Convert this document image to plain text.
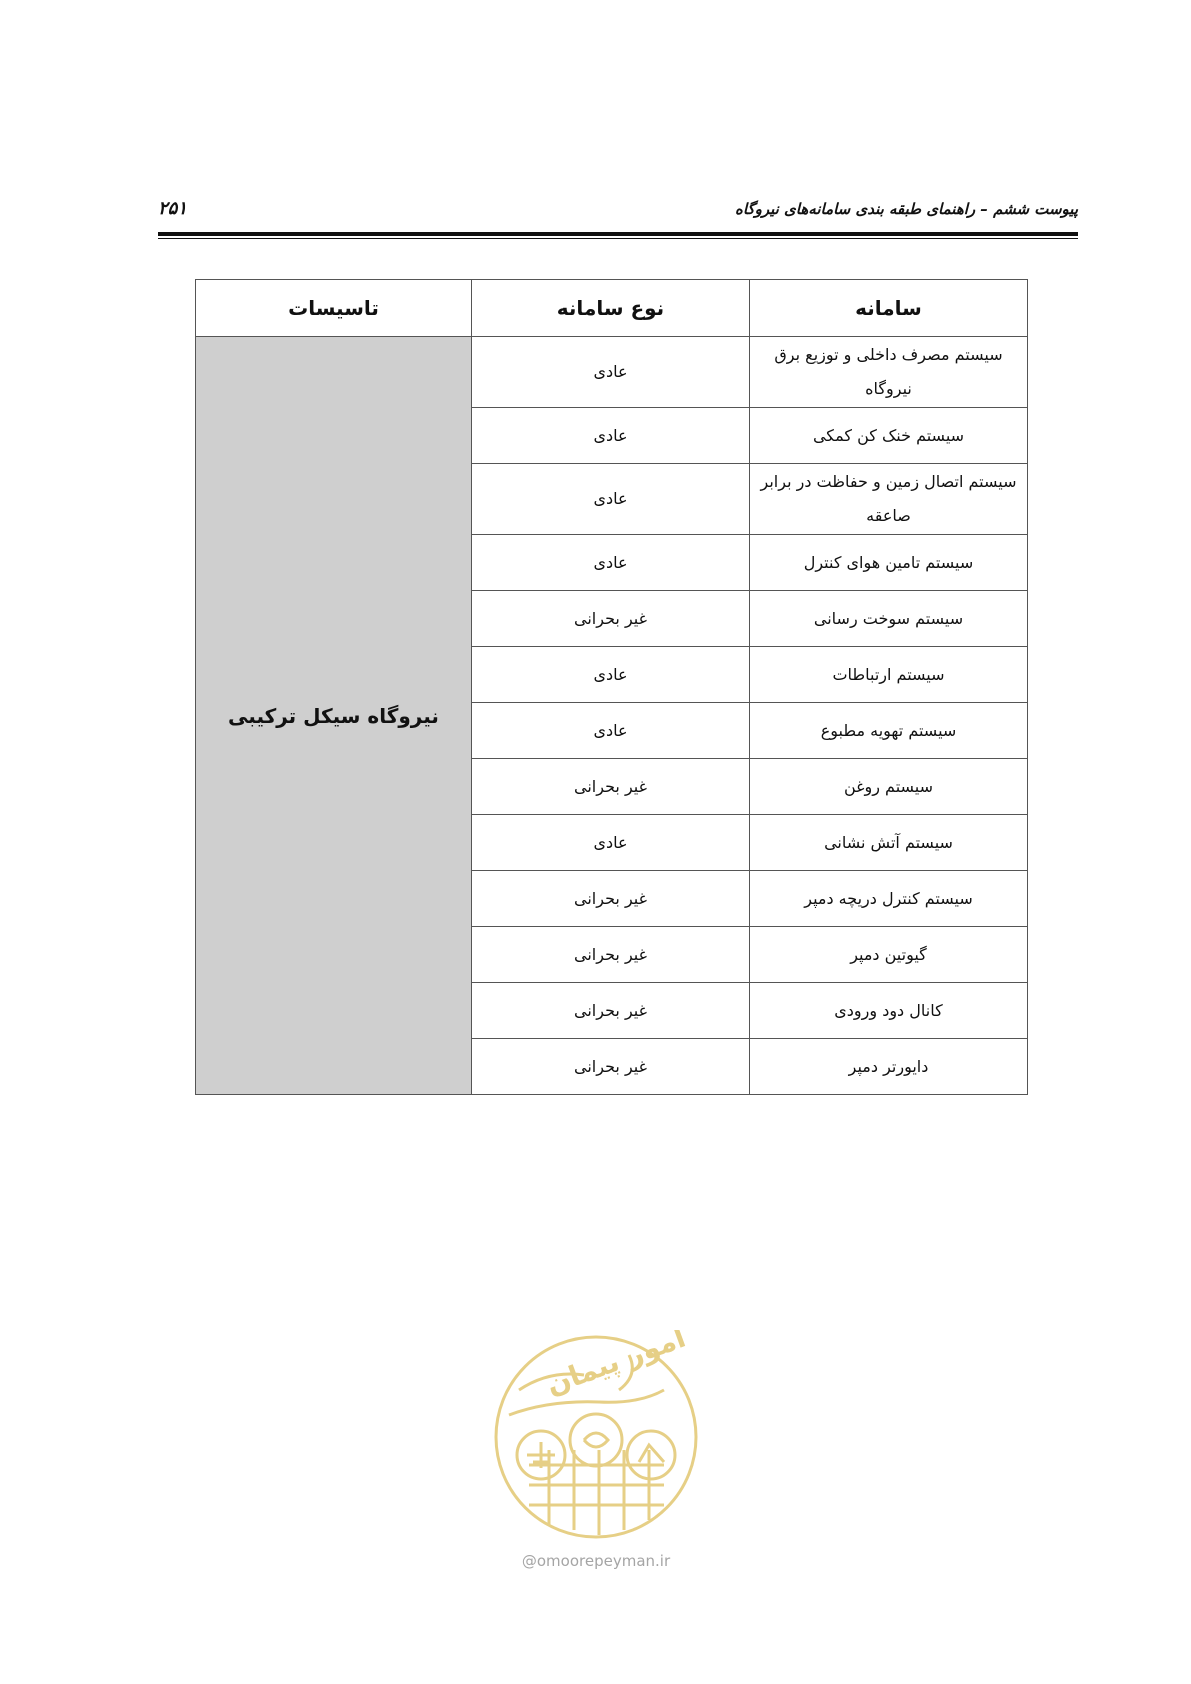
پیوست ششم – راهنمای طبقه بندی سامانه‌های نیروگاه
۲۵۱
سامانه	نوع سامانه	تاسیسات
سیستم مصرف داخلی و توزیع برق نیروگاه	عادی	نیروگاه سیکل ترکیبی
سیستم خنک کن کمکی	عادی	
سیستم اتصال زمین و حفاظت در برابر صاعقه	عادی	
سیستم تامین هوای کنترل	عادی	
سیستم سوخت رسانی	غیر بحرانی	
سیستم ارتباطات	عادی	
سیستم تهویه مطبوع	عادی	
سیستم روغن	غیر بحرانی	
سیستم آتش نشانی	عادی	
سیستم کنترل دریچه دمپر	غیر بحرانی	
گیوتین دمپر	غیر بحرانی	
کانال دود ورودی	غیر بحرانی	
دایورتر دمپر	غیر بحرانی	
امور پیمان
@omoorepeyman.ir
